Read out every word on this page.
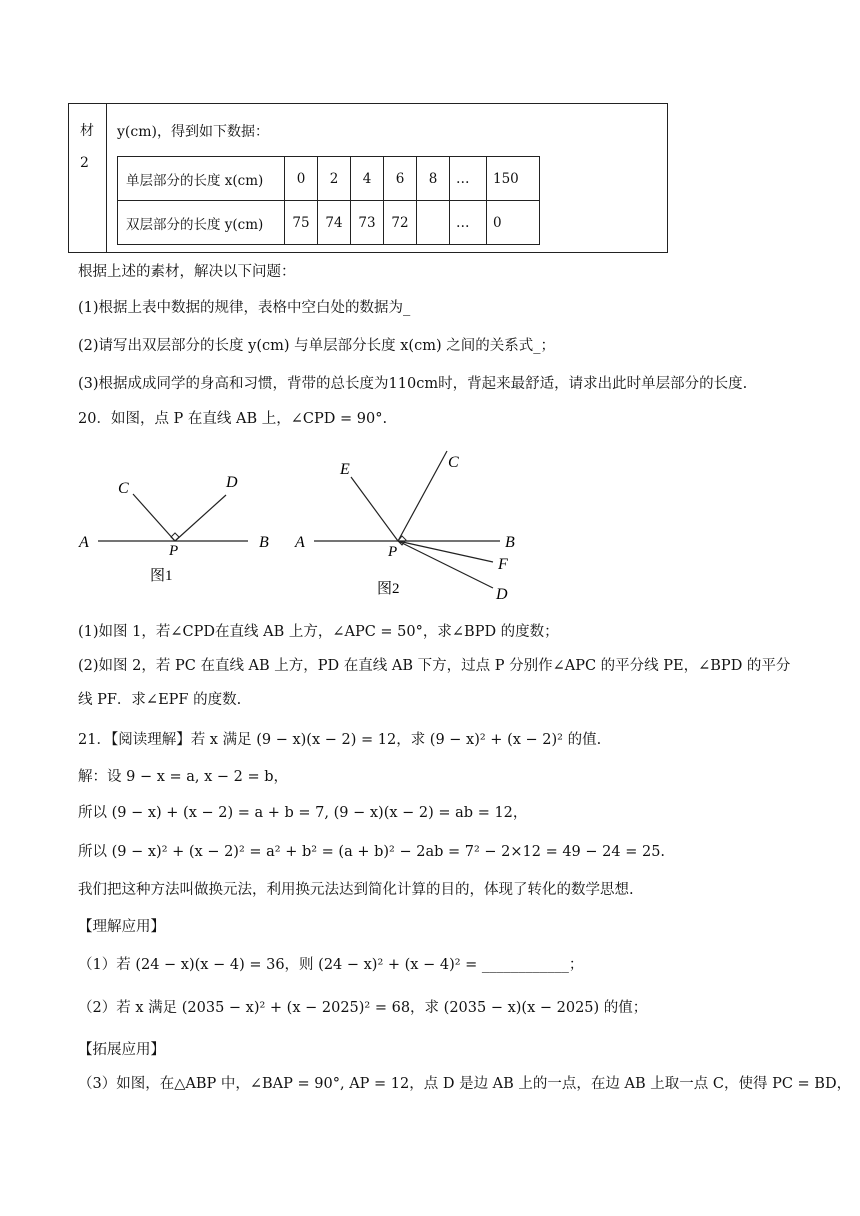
材
2
y(cm)，得到如下数据：
单层部分的长度 x(cm)	0	2	4	6	8	…	150
双层部分的长度 y(cm)	75	74	73	72		…	0
根据上述的素材，解决以下问题：
(1)根据上表中数据的规律，表格中空白处的数据为_
(2)请写出双层部分的长度 y(cm) 与单层部分长度 x(cm) 之间的关系式_；
(3)根据成成同学的身高和习惯，背带的总长度为110cm时，背起来最舒适，请求出此时单层部分的长度.
20．如图，点 P 在直线 AB 上，∠CPD = 90°.
A	B
C	D
P
图1
A	B
C
E
F
D
P
图2
(1)如图 1，若∠CPD在直线 AB 上方，∠APC = 50°，求∠BPD 的度数；
(2)如图 2，若 PC 在直线 AB 上方，PD 在直线 AB 下方，过点 P 分别作∠APC 的平分线 PE，∠BPD 的平分
线 PF．求∠EPF 的度数.
21．【阅读理解】若 x 满足 (9 − x)(x − 2) = 12，求 (9 − x)² + (x − 2)² 的值.
解：设 9 − x = a, x − 2 = b，
所以 (9 − x) + (x − 2) = a + b = 7, (9 − x)(x − 2) = ab = 12，
所以 (9 − x)² + (x − 2)² = a² + b² = (a + b)² − 2ab = 7² − 2×12 = 49 − 24 = 25.
我们把这种方法叫做换元法，利用换元法达到简化计算的目的，体现了转化的数学思想.
【理解应用】
（1）若 (24 − x)(x − 4) = 36，则 (24 − x)² + (x − 4)² = ____________；
（2）若 x 满足 (2035 − x)² + (x − 2025)² = 68，求 (2035 − x)(x − 2025) 的值；
【拓展应用】
（3）如图，在△ABP 中，∠BAP = 90°, AP = 12，点 D 是边 AB 上的一点，在边 AB 上取一点 C，使得 PC = BD，
